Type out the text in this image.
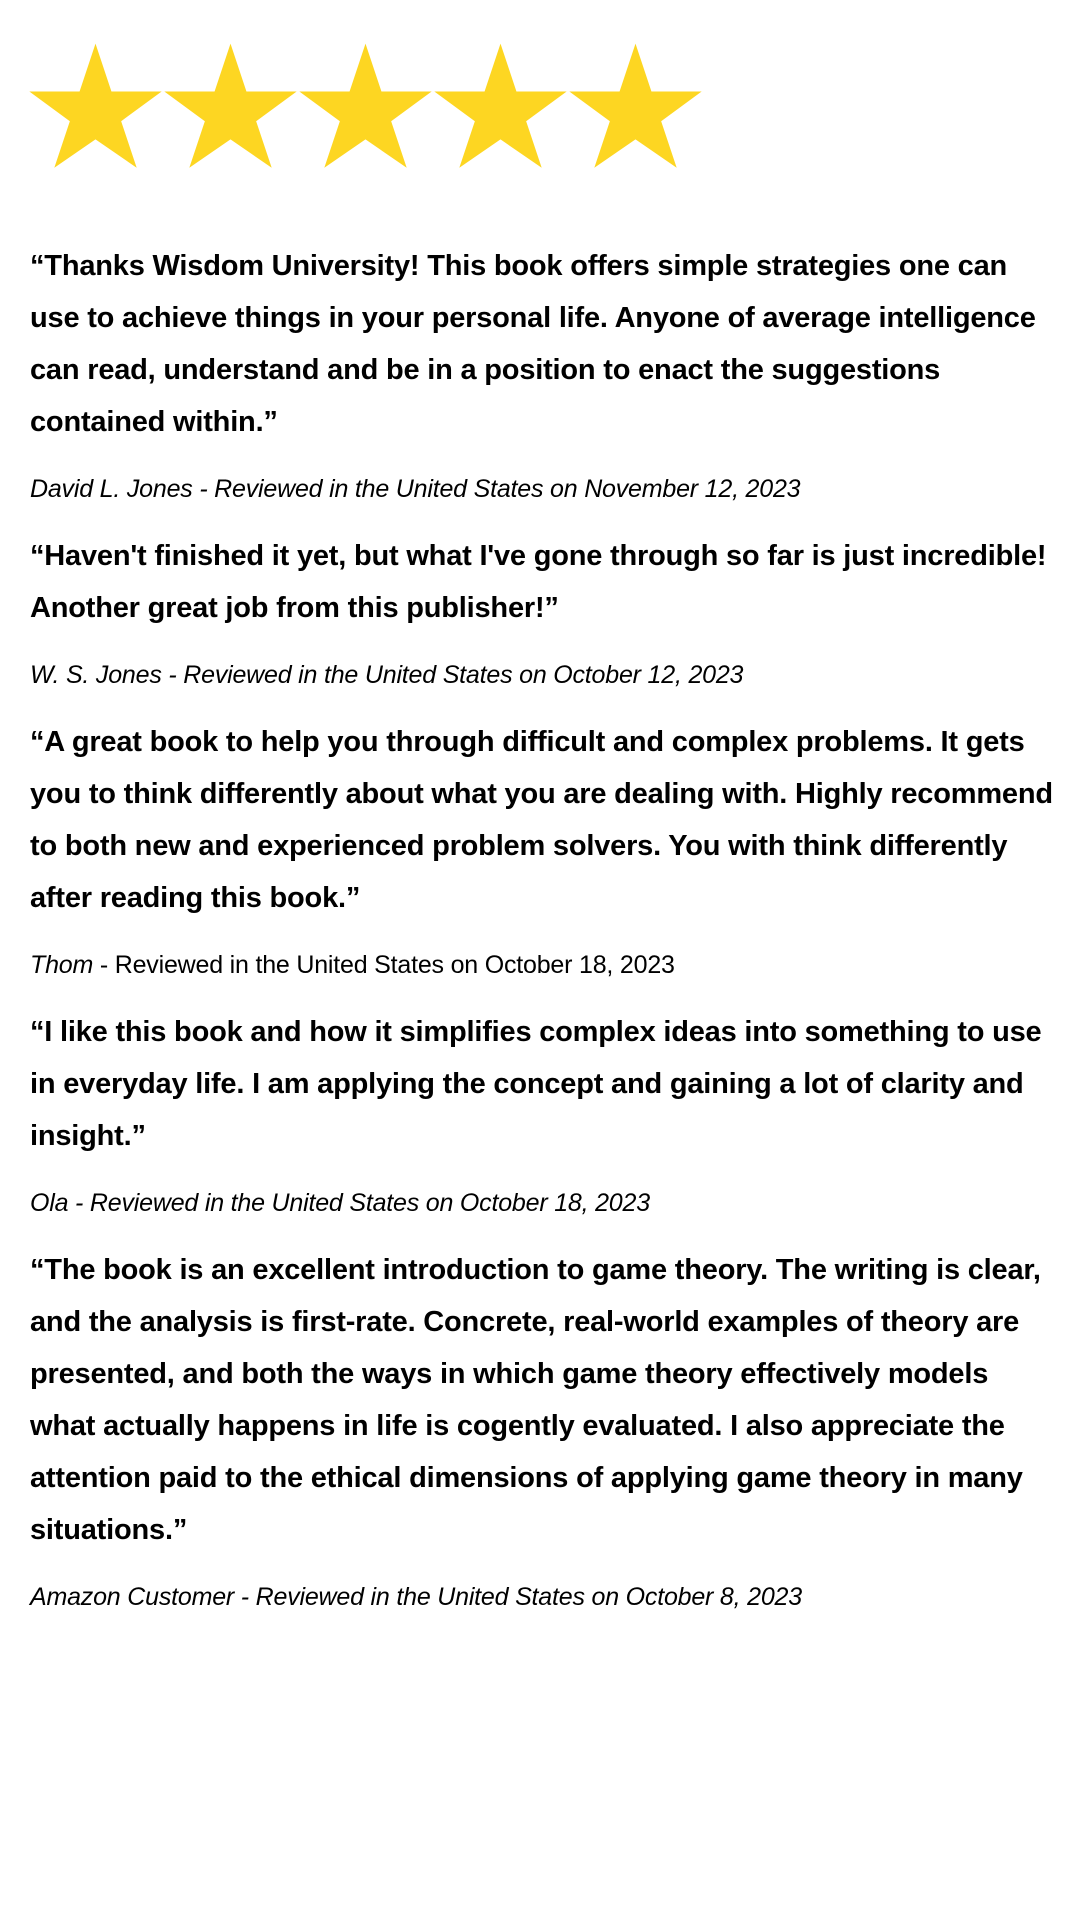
“Thanks Wisdom University! This book offers simple strategies one can use to achieve things in your personal life. Anyone of average intelligence can read, understand and be in a position to enact the suggestions contained within.”

David L. Jones - Reviewed in the United States on November 12, 2023

“Haven't finished it yet, but what I've gone through so far is just incredible! Another great job from this publisher!”

W. S. Jones - Reviewed in the United States on October 12, 2023

“A great book to help you through difficult and complex problems. It gets you to think differently about what you are dealing with. Highly recommend to both new and experienced problem solvers. You with think differently after reading this book.”

Thom - Reviewed in the United States on October 18, 2023

“I like this book and how it simplifies complex ideas into something to use in everyday life. I am applying the concept and gaining a lot of clarity and insight.”

Ola - Reviewed in the United States on October 18, 2023

“The book is an excellent introduction to game theory. The writing is clear, and the analysis is first-rate. Concrete, real-world examples of theory are presented, and both the ways in which game theory effectively models what actually happens in life is cogently evaluated. I also appreciate the attention paid to the ethical dimensions of applying game theory in many situations.”

Amazon Customer - Reviewed in the United States on October 8, 2023
